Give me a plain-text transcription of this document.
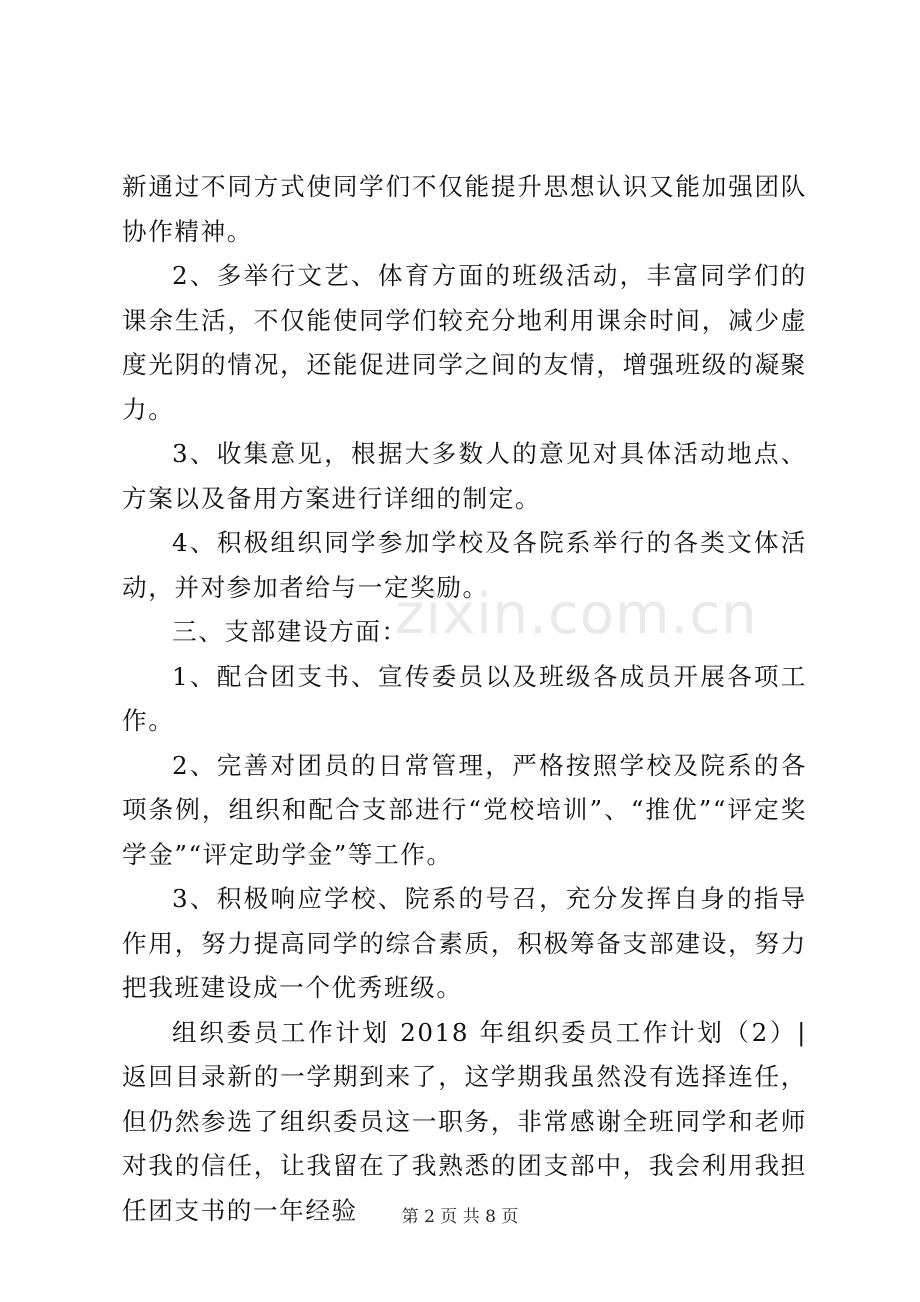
新通过不同方式使同学们不仅能提升思想认识又能加强团队协作精神。

2、多举行文艺、体育方面的班级活动，丰富同学们的课余生活，不仅能使同学们较充分地利用课余时间，减少虚度光阴的情况，还能促进同学之间的友情，增强班级的凝聚力。

3、收集意见，根据大多数人的意见对具体活动地点、方案以及备用方案进行详细的制定。

4、积极组织同学参加学校及各院系举行的各类文体活动，并对参加者给与一定奖励。

三、支部建设方面：

1、配合团支书、宣传委员以及班级各成员开展各项工作。

2、完善对团员的日常管理，严格按照学校及院系的各项条例，组织和配合支部进行“党校培训”、“推优”“评定奖学金”“评定助学金”等工作。

3、积极响应学校、院系的号召，充分发挥自身的指导作用，努力提高同学的综合素质，积极筹备支部建设，努力把我班建设成一个优秀班级。

组织委员工作计划 2018 年组织委员工作计划（2）|返回目录新的一学期到来了，这学期我虽然没有选择连任，但仍然参选了组织委员这一职务，非常感谢全班同学和老师对我的信任，让我留在了我熟悉的团支部中，我会利用我担任团支书的一年经验

zixin.com.cn
第 2 页 共 8 页
